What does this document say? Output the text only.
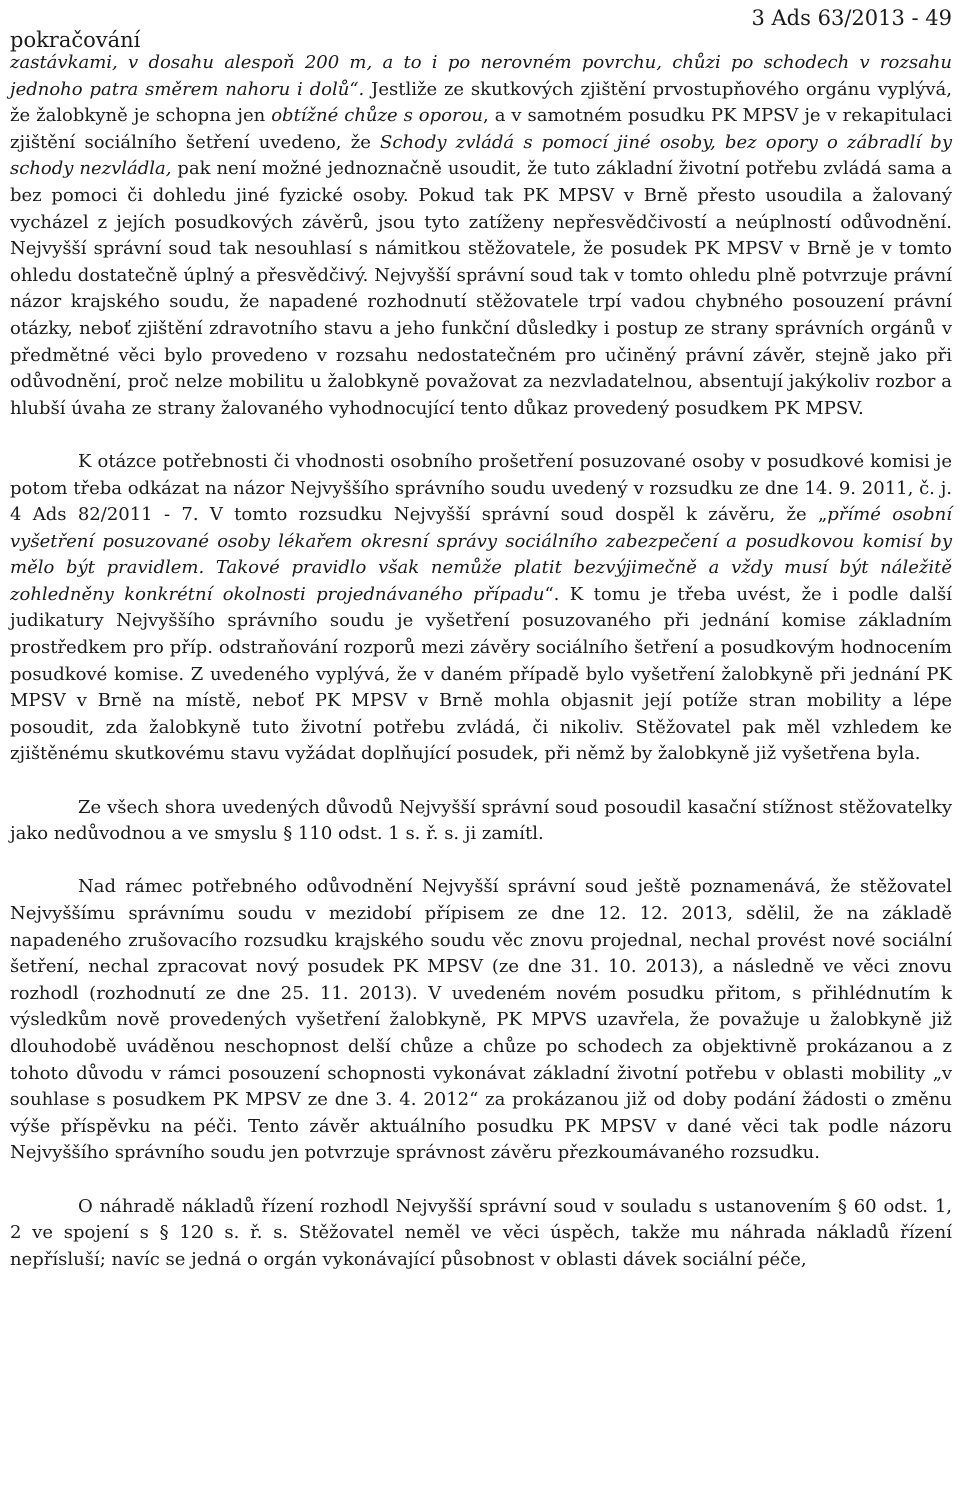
pokračování
3 Ads 63/2013 - 49

zastávkami, v dosahu alespoň 200 m, a to i po nerovném povrchu, chůzi po schodech v rozsahu jednoho patra směrem nahoru i dolů“. Jestliže ze skutkových zjištění prvostupňového orgánu vyplývá, že žalobkyně je schopna jen obtížné chůze s oporou, a v samotném posudku PK MPSV je v rekapitulaci zjištění sociálního šetření uvedeno, že Schody zvládá s pomocí jiné osoby, bez opory o zábradlí by schody nezvládla, pak není možné jednoznačně usoudit, že tuto základní životní potřebu zvládá sama a bez pomoci či dohledu jiné fyzické osoby. Pokud tak PK MPSV v Brně přesto usoudila a žalovaný vycházel z jejích posudkových závěrů, jsou tyto zatíženy nepřesvědčivostí a neúplností odůvodnění. Nejvyšší správní soud tak nesouhlasí s námitkou stěžovatele, že posudek PK MPSV v Brně je v tomto ohledu dostatečně úplný a přesvědčivý. Nejvyšší správní soud tak v tomto ohledu plně potvrzuje právní názor krajského soudu, že napadené rozhodnutí stěžovatele trpí vadou chybného posouzení právní otázky, neboť zjištění zdravotního stavu a jeho funkční důsledky i postup ze strany správních orgánů v předmětné věci bylo provedeno v rozsahu nedostatečném pro učiněný právní závěr, stejně jako při odůvodnění, proč nelze mobilitu u žalobkyně považovat za nezvladatelnou, absentují jakýkoliv rozbor a hlubší úvaha ze strany žalovaného vyhodnocující tento důkaz provedený posudkem PK MPSV.

K otázce potřebnosti či vhodnosti osobního prošetření posuzované osoby v posudkové komisi je potom třeba odkázat na názor Nejvyššího správního soudu uvedený v rozsudku ze dne 14. 9. 2011, č. j. 4 Ads 82/2011 - 7. V tomto rozsudku Nejvyšší správní soud dospěl k závěru, že „přímé osobní vyšetření posuzované osoby lékařem okresní správy sociálního zabezpečení a posudkovou komisí by mělo být pravidlem. Takové pravidlo však nemůže platit bezvýjimečně a vždy musí být náležitě zohledněny konkrétní okolnosti projednávaného případu“. K tomu je třeba uvést, že i podle další judikatury Nejvyššího správního soudu je vyšetření posuzovaného při jednání komise základním prostředkem pro příp. odstraňování rozporů mezi závěry sociálního šetření a posudkovým hodnocením posudkové komise. Z uvedeného vyplývá, že v daném případě bylo vyšetření žalobkyně při jednání PK MPSV v Brně na místě, neboť PK MPSV v Brně mohla objasnit její potíže stran mobility a lépe posoudit, zda žalobkyně tuto životní potřebu zvládá, či nikoliv. Stěžovatel pak měl vzhledem ke zjištěnému skutkovému stavu vyžádat doplňující posudek, při němž by žalobkyně již vyšetřena byla.

Ze všech shora uvedených důvodů Nejvyšší správní soud posoudil kasační stížnost stěžovatelky jako nedůvodnou a ve smyslu § 110 odst. 1 s. ř. s. ji zamítl.

Nad rámec potřebného odůvodnění Nejvyšší správní soud ještě poznamenává, že stěžovatel Nejvyššímu správnímu soudu v mezidobí přípisem ze dne 12. 12. 2013, sdělil, že na základě napadeného zrušovacího rozsudku krajského soudu věc znovu projednal, nechal provést nové sociální šetření, nechal zpracovat nový posudek PK MPSV (ze dne 31. 10. 2013), a následně ve věci znovu rozhodl (rozhodnutí ze dne 25. 11. 2013). V uvedeném novém posudku přitom, s přihlédnutím k výsledkům nově provedených vyšetření žalobkyně, PK MPVS uzavřela, že považuje u žalobkyně již dlouhodobě uváděnou neschopnost delší chůze a chůze po schodech za objektivně prokázanou a z tohoto důvodu v rámci posouzení schopnosti vykonávat základní životní potřebu v oblasti mobility „v souhlase s posudkem PK MPSV ze dne 3. 4. 2012“ za prokázanou již od doby podání žádosti o změnu výše příspěvku na péči. Tento závěr aktuálního posudku PK MPSV v dané věci tak podle názoru Nejvyššího správního soudu jen potvrzuje správnost závěru přezkoumávaného rozsudku.

O náhradě nákladů řízení rozhodl Nejvyšší správní soud v souladu s ustanovením § 60 odst. 1, 2 ve spojení s § 120 s. ř. s. Stěžovatel neměl ve věci úspěch, takže mu náhrada nákladů řízení nepřísluší; navíc se jedná o orgán vykonávající působnost v oblasti dávek sociální péče,
